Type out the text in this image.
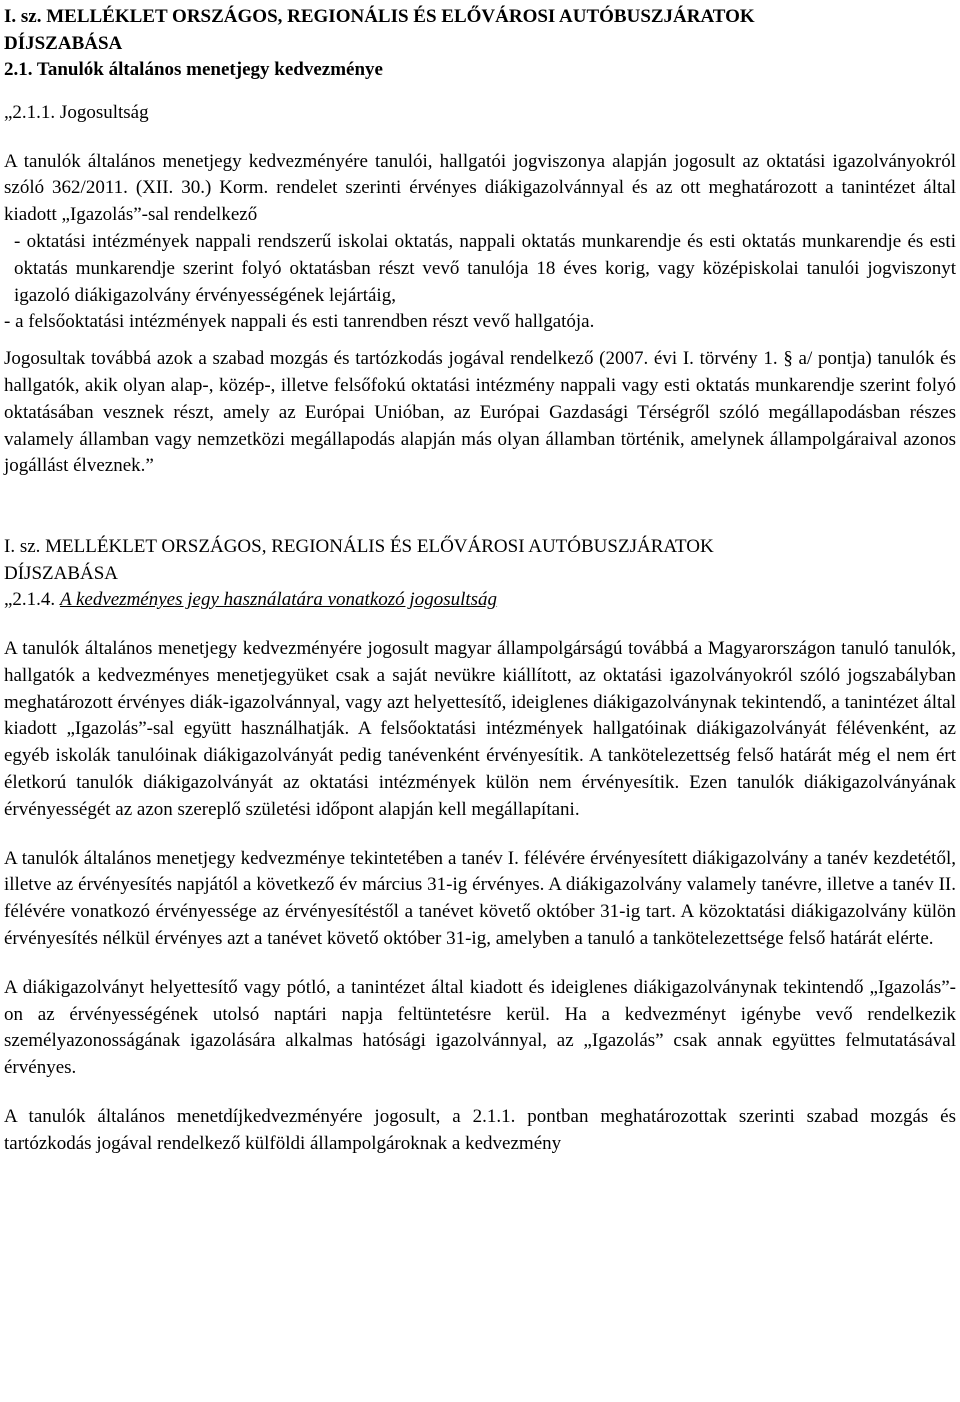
I. sz. MELLÉKLET ORSZÁGOS, REGIONÁLIS ÉS ELŐVÁROSI AUTÓBUSZJÁRATOK
DÍJSZABÁSA
2.1. Tanulók általános menetjegy kedvezménye
„2.1.1. Jogosultság

A tanulók általános menetjegy kedvezményére tanulói, hallgatói jogviszonya alapján jogosult az oktatási igazolványokról szóló 362/2011. (XII. 30.) Korm. rendelet szerinti érvényes diákigazolvánnyal és az ott meghatározott a tanintézet által kiadott „Igazolás”-sal rendelkező

- oktatási intézmények nappali rendszerű iskolai oktatás, nappali oktatás munkarendje és esti oktatás munkarendje és esti oktatás munkarendje szerint folyó oktatásban részt vevő tanulója 18 éves korig, vagy középiskolai tanulói jogviszonyt igazoló diákigazolvány érvényességének lejártáig,

- a felsőoktatási intézmények nappali és esti tanrendben részt vevő hallgatója.

Jogosultak továbbá azok a szabad mozgás és tartózkodás jogával rendelkező (2007. évi I. törvény 1. § a/ pontja) tanulók és hallgatók, akik olyan alap-, közép-, illetve felsőfokú oktatási intézmény nappali vagy esti oktatás munkarendje szerint folyó oktatásában vesznek részt, amely az Európai Unióban, az Európai Gazdasági Térségről szóló megállapodásban részes valamely államban vagy nemzetközi megállapodás alapján más olyan államban történik, amelynek állampolgáraival azonos jogállást élveznek.”

I. sz. MELLÉKLET ORSZÁGOS, REGIONÁLIS ÉS ELŐVÁROSI AUTÓBUSZJÁRATOK
DÍJSZABÁSA
„2.1.4. A kedvezményes jegy használatára vonatkozó jogosultság

A tanulók általános menetjegy kedvezményére jogosult magyar állampolgárságú továbbá a Magyarországon tanuló tanulók, hallgatók a kedvezményes menetjegyüket csak a saját nevükre kiállított, az oktatási igazolványokról szóló jogszabályban meghatározott érvényes diák-igazolvánnyal, vagy azt helyettesítő, ideiglenes diákigazolványnak tekintendő, a tanintézet által kiadott „Igazolás”-sal együtt használhatják. A felsőoktatási intézmények hallgatóinak diákigazolványát félévenként, az egyéb iskolák tanulóinak diákigazolványát pedig tanévenként érvényesítik. A tankötelezettség felső határát még el nem ért életkorú tanulók diákigazolványát az oktatási intézmények külön nem érvényesítik. Ezen tanulók diákigazolványának érvényességét az azon szereplő születési időpont alapján kell megállapítani.

A tanulók általános menetjegy kedvezménye tekintetében a tanév I. félévére érvényesített diákigazolvány a tanév kezdetétől, illetve az érvényesítés napjától a következő év március 31-ig érvényes. A diákigazolvány valamely tanévre, illetve a tanév II. félévére vonatkozó érvényessége az érvényesítéstől a tanévet követő október 31-ig tart. A közoktatási diákigazolvány külön érvényesítés nélkül érvényes azt a tanévet követő október 31-ig, amelyben a tanuló a tankötelezettsége felső határát elérte.

A diákigazolványt helyettesítő vagy pótló, a tanintézet által kiadott és ideiglenes diákigazolványnak tekintendő „Igazolás”-on az érvényességének utolsó naptári napja feltüntetésre kerül. Ha a kedvezményt igénybe vevő rendelkezik személyazonosságának igazolására alkalmas hatósági igazolvánnyal, az „Igazolás” csak annak együttes felmutatásával érvényes.

A tanulók általános menetdíjkedvezményére jogosult, a 2.1.1. pontban meghatározottak szerinti szabad mozgás és tartózkodás jogával rendelkező külföldi állampolgároknak a kedvezmény
